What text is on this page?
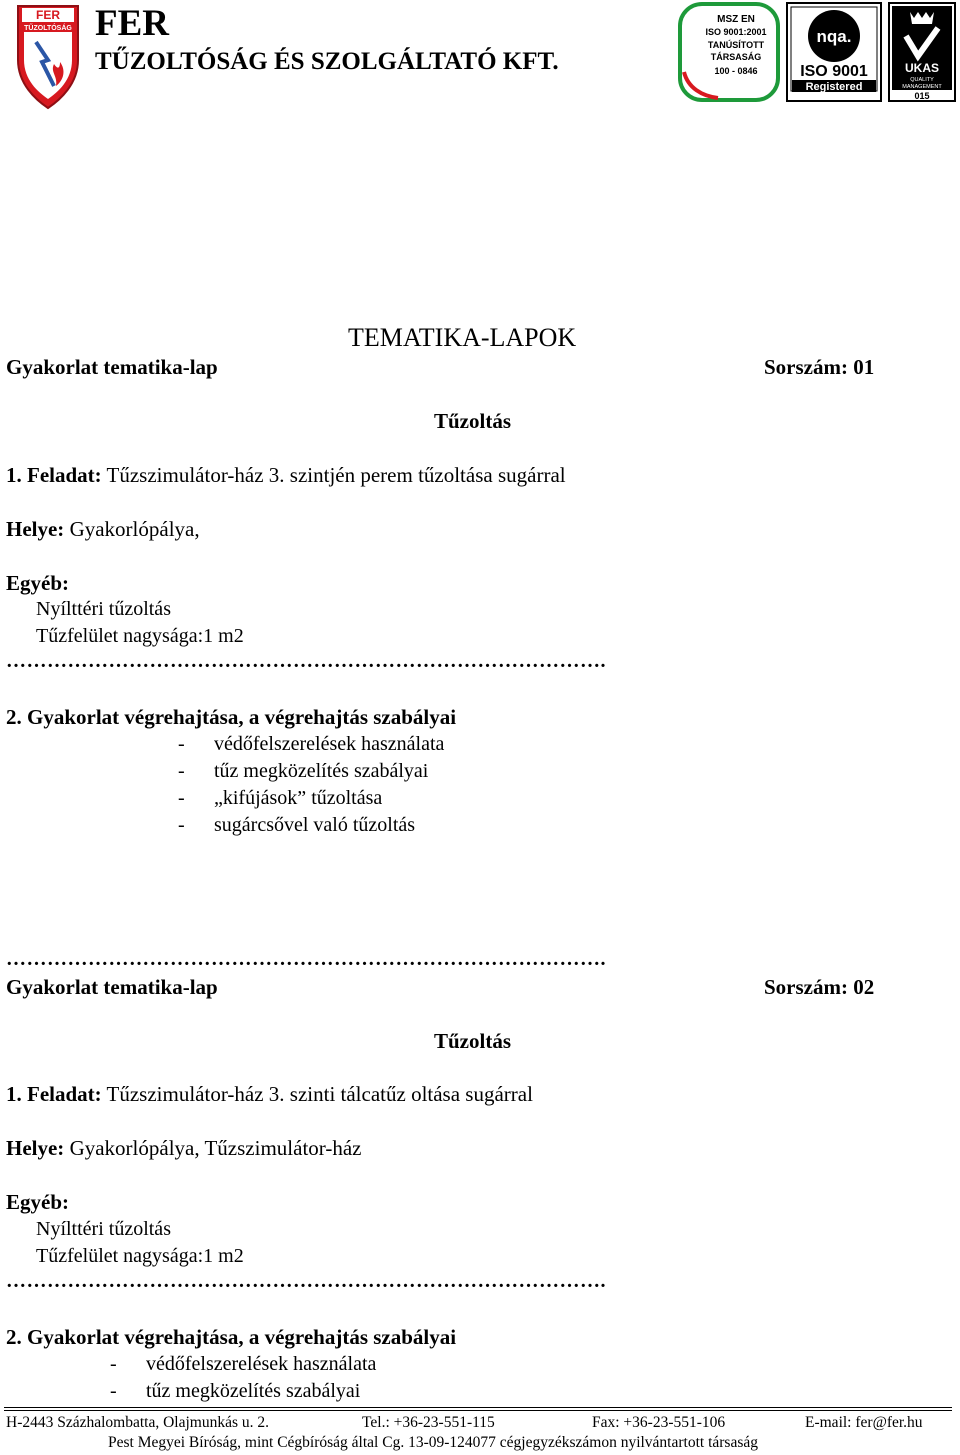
FER
TŰZOLTÓSÁG FER
TŰZOLTÓSÁG ÉS SZOLGÁLTATÓ KFT.
MSZ EN
ISO 9001:2001
TANÚSÍTOTT
TÁRSASÁG
100 - 0846
nqa.
ISO 9001
Registered
UKAS
QUALITY
MANAGEMENT
015
TEMATIKA-LAPOK
Gyakorlat tematika-lap	Sorszám: 01
Tűzoltás
1. Feladat: Tűzszimulátor-ház 3. szintjén perem tűzoltása sugárral
Helye: Gyakorlópálya,
Egyéb:
Nyílttéri tűzoltás
Tűzfelület nagysága:1 m2
…………………………………………………………………………….
2. Gyakorlat végrehajtása, a végrehajtás szabályai
- védőfelszerelések használata
- tűz megközelítés szabályai
- „kifújások” tűzoltása
- sugárcsővel való tűzoltás
…………………………………………………………………………….
Gyakorlat tematika-lap	Sorszám: 02
Tűzoltás
1. Feladat: Tűzszimulátor-ház 3. szinti tálcatűz oltása sugárral
Helye: Gyakorlópálya, Tűzszimulátor-ház
Egyéb:
Nyílttéri tűzoltás
Tűzfelület nagysága:1 m2
…………………………………………………………………………….
2. Gyakorlat végrehajtása, a végrehajtás szabályai
- védőfelszerelések használata
- tűz megközelítés szabályai
H-2443 Százhalombatta, Olajmunkás u. 2.	Tel.: +36-23-551-115	Fax: +36-23-551-106	E-mail: fer@fer.hu
Pest Megyei Bíróság, mint Cégbíróság által Cg. 13-09-124077 cégjegyzékszámon nyilvántartott társaság
